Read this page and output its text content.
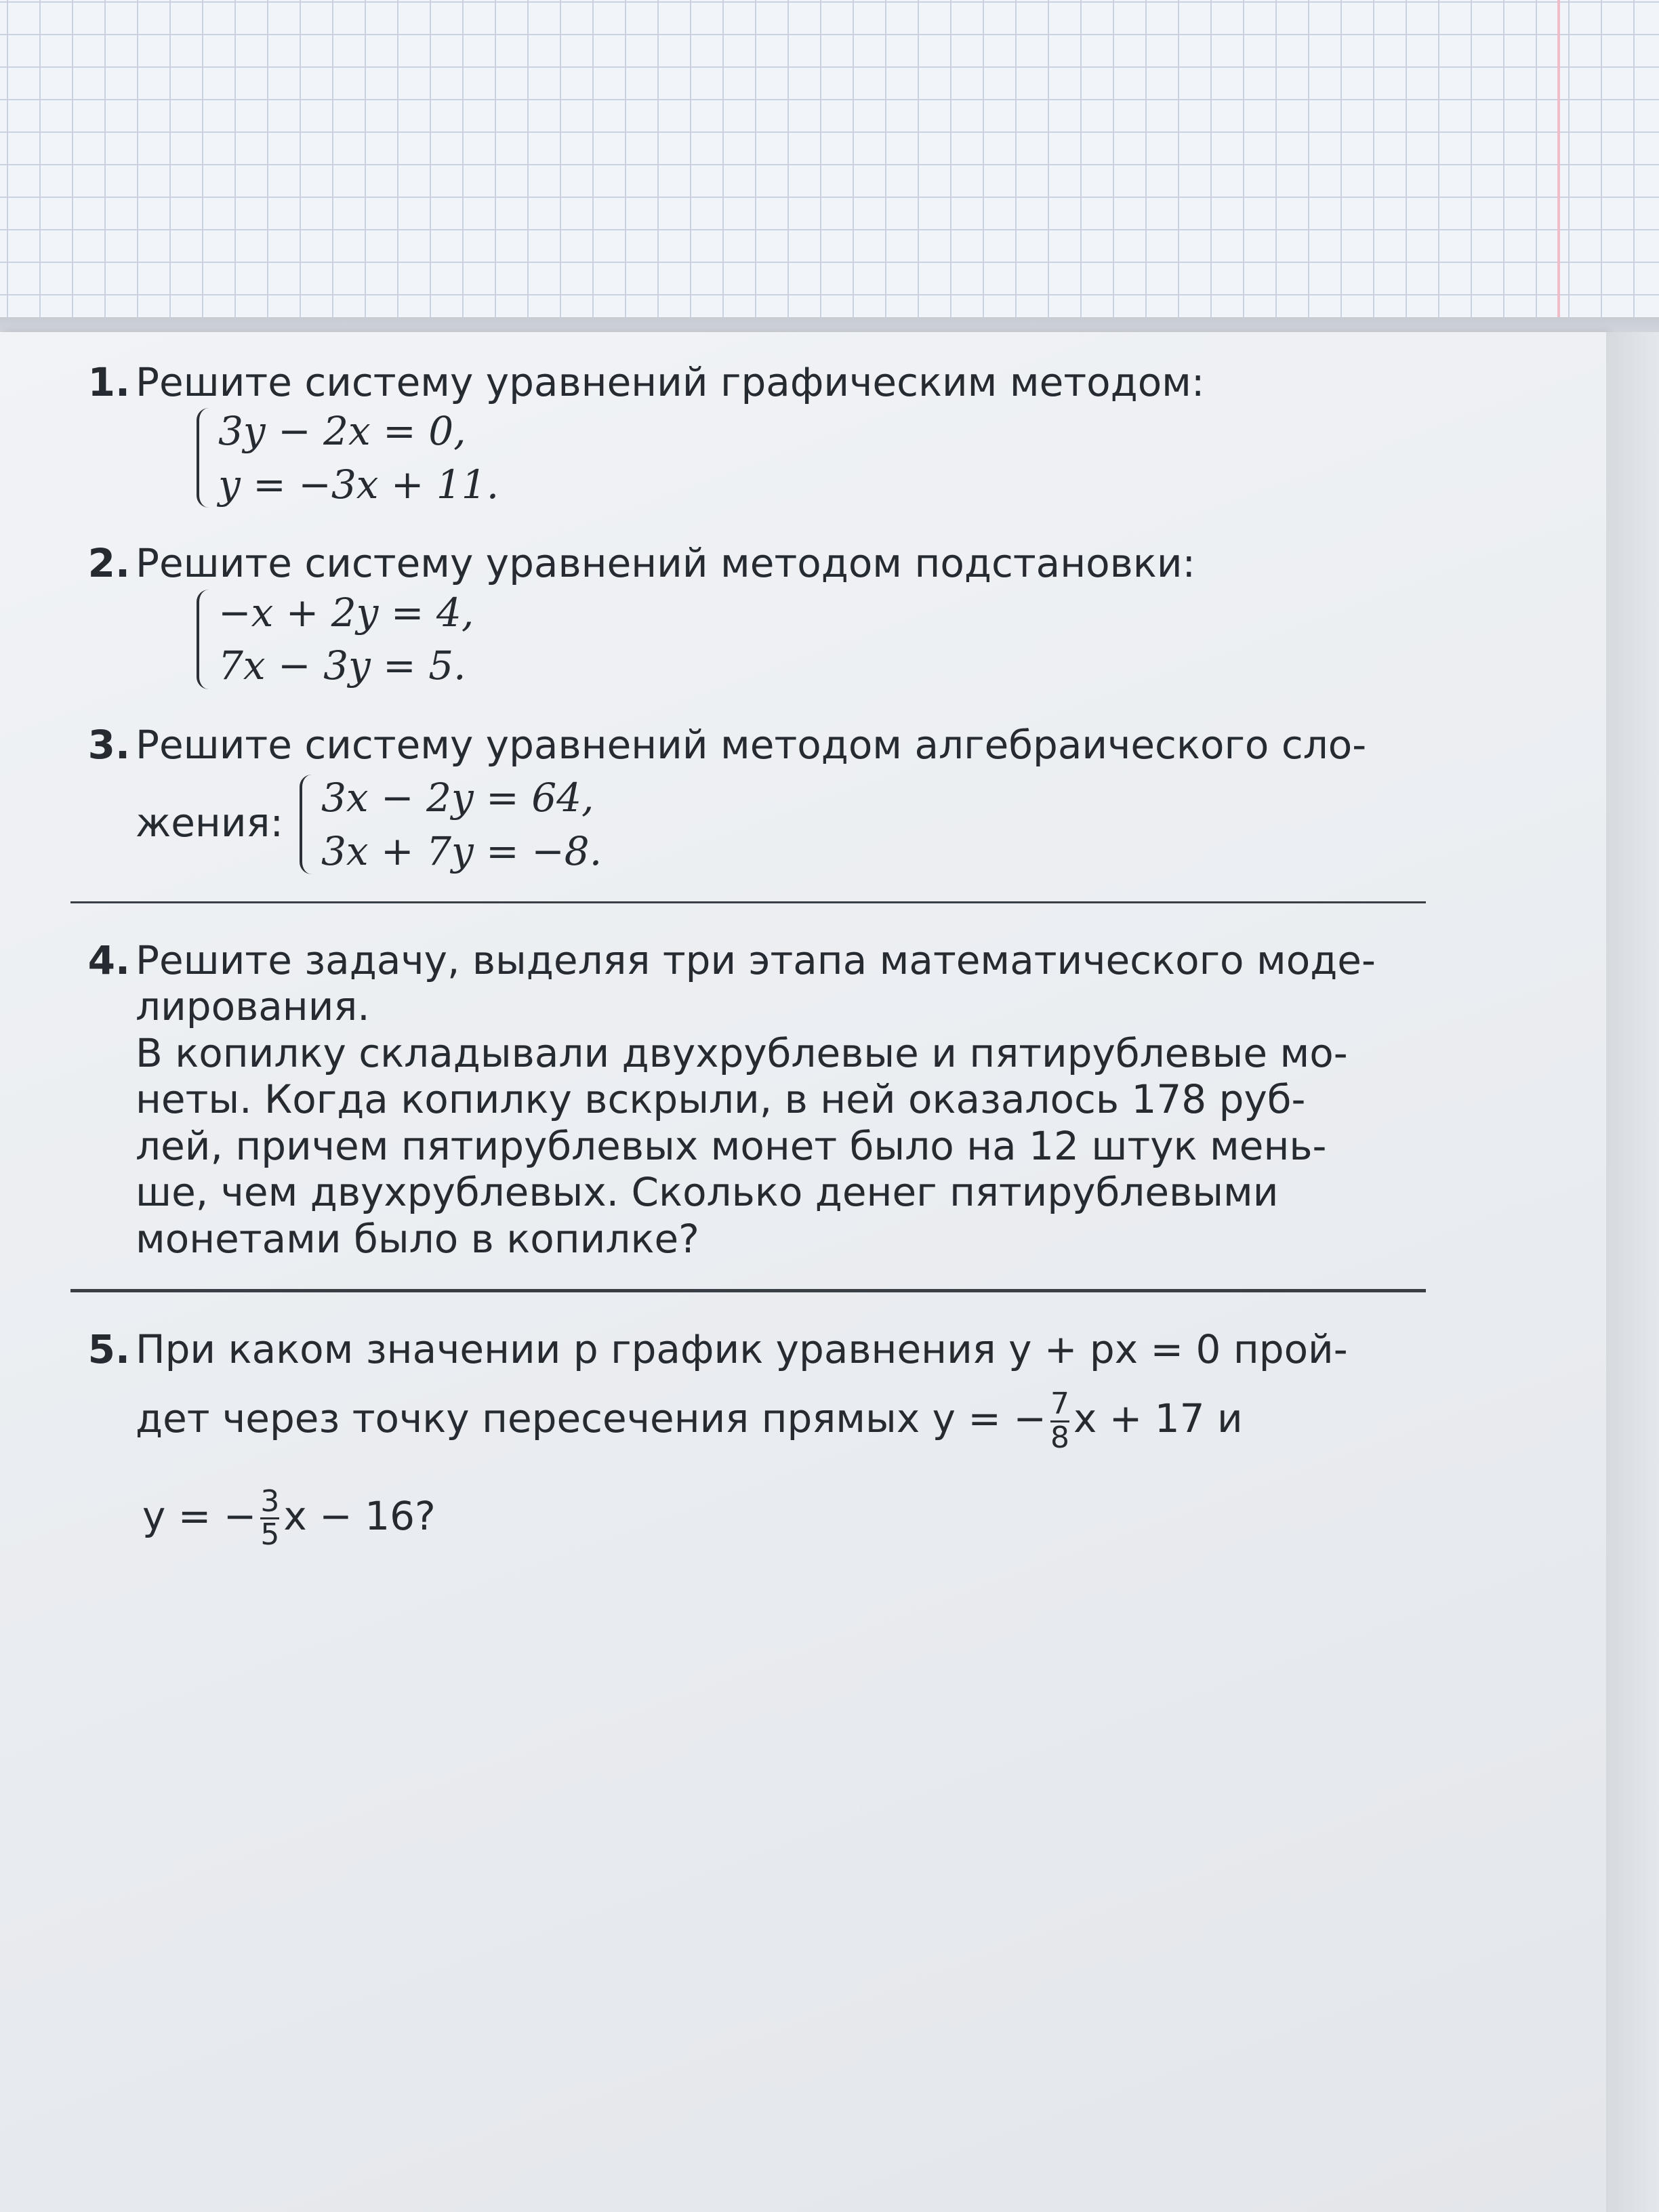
1. Решите систему уравнений графическим методом:
3y − 2x = 0,
y = −3x + 11.
2. Решите систему уравнений методом подстановки:
−x + 2y = 4,
7x − 3y = 5.
3. Решите систему уравнений методом алгебраического сло-
жения:
3x − 2y = 64,
3x + 7y = −8.
4. Решите задачу, выделяя три этапа математического моде-
лирования.
В копилку складывали двухрублевые и пятирублевые мо-
неты. Когда копилку вскрыли, в ней оказалось 178 руб-
лей, причем пятирублевых монет было на 12 штук мень-
ше, чем двухрублевых. Сколько денег пятирублевыми
монетами было в копилке?
5. При каком значении p график уравнения y + px = 0 прой-
дет через точку пересечения прямых y = − $\frac{7}{8}$ x + 17 и
y = − $\frac{3}{5}$ x − 16?
